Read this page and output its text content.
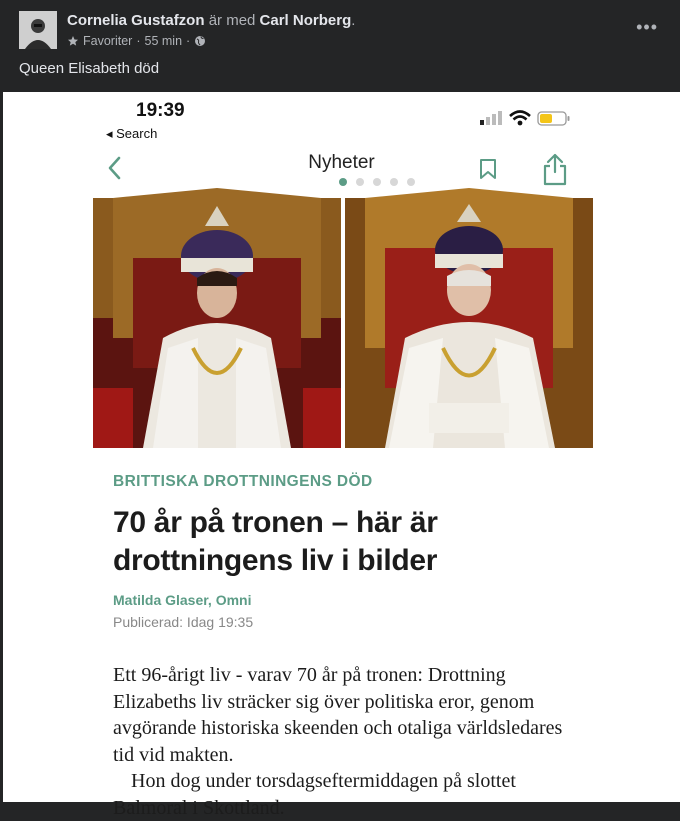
Cornelia Gustafzon är med Carl Norberg.
Favoriter · 55 min ·
•••
Queen Elisabeth död
19:39
◂ Search
Nyheter
BRITTISKA DROTTNINGENS DÖD
70 år på tronen – här är drottningens liv i bilder
Matilda Glaser, Omni
Publicerad: Idag 19:35

Ett 96-årigt liv - varav 70 år på tronen: Drottning Elizabeths liv sträcker sig över politiska eror, genom avgörande historiska skeenden och otaliga världsledares tid vid makten.

Hon dog under torsdagseftermiddagen på slottet Balmoral i Skottland.
